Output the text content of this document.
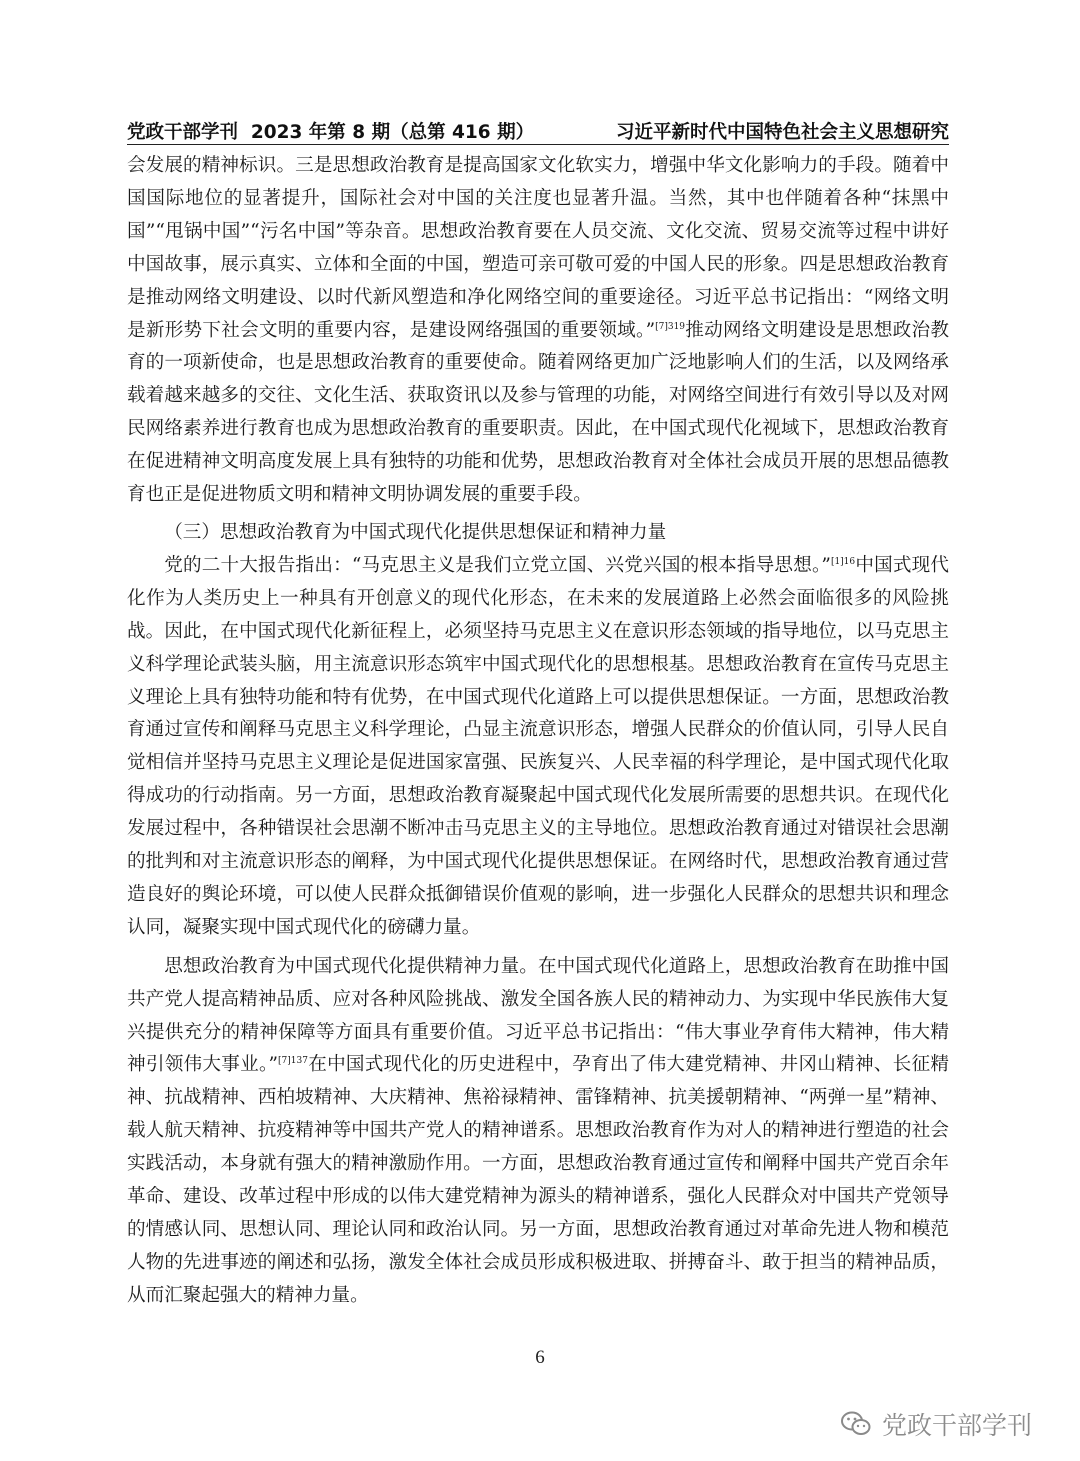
党政干部学刊  2023 年第 8 期（总第 416 期）	习近平新时代中国特色社会主义思想研究

会发展的精神标识。三是思想政治教育是提高国家文化软实力，增强中华文化影响力的手段。随着中国国际地位的显著提升，国际社会对中国的关注度也显著升温。当然，其中也伴随着各种“抹黑中国”“甩锅中国”“污名中国”等杂音。思想政治教育要在人员交流、文化交流、贸易交流等过程中讲好中国故事，展示真实、立体和全面的中国，塑造可亲可敬可爱的中国人民的形象。四是思想政治教育是推动网络文明建设、以时代新风塑造和净化网络空间的重要途径。习近平总书记指出：“网络文明是新形势下社会文明的重要内容，是建设网络强国的重要领域。”$^{[7]319}$推动网络文明建设是思想政治教育的一项新使命，也是思想政治教育的重要使命。随着网络更加广泛地影响人们的生活，以及网络承载着越来越多的交往、文化生活、获取资讯以及参与管理的功能，对网络空间进行有效引导以及对网民网络素养进行教育也成为思想政治教育的重要职责。因此，在中国式现代化视域下，思想政治教育在促进精神文明高度发展上具有独特的功能和优势，思想政治教育对全体社会成员开展的思想品德教育也正是促进物质文明和精神文明协调发展的重要手段。

（三）思想政治教育为中国式现代化提供思想保证和精神力量

党的二十大报告指出：“马克思主义是我们立党立国、兴党兴国的根本指导思想。”$^{[1]16}$中国式现代化作为人类历史上一种具有开创意义的现代化形态，在未来的发展道路上必然会面临很多的风险挑战。因此，在中国式现代化新征程上，必须坚持马克思主义在意识形态领域的指导地位，以马克思主义科学理论武装头脑，用主流意识形态筑牢中国式现代化的思想根基。思想政治教育在宣传马克思主义理论上具有独特功能和特有优势，在中国式现代化道路上可以提供思想保证。一方面，思想政治教育通过宣传和阐释马克思主义科学理论，凸显主流意识形态，增强人民群众的价值认同，引导人民自觉相信并坚持马克思主义理论是促进国家富强、民族复兴、人民幸福的科学理论，是中国式现代化取得成功的行动指南。另一方面，思想政治教育凝聚起中国式现代化发展所需要的思想共识。在现代化发展过程中，各种错误社会思潮不断冲击马克思主义的主导地位。思想政治教育通过对错误社会思潮的批判和对主流意识形态的阐释，为中国式现代化提供思想保证。在网络时代，思想政治教育通过营造良好的舆论环境，可以使人民群众抵御错误价值观的影响，进一步强化人民群众的思想共识和理念认同，凝聚实现中国式现代化的磅礴力量。

思想政治教育为中国式现代化提供精神力量。在中国式现代化道路上，思想政治教育在助推中国共产党人提高精神品质、应对各种风险挑战、激发全国各族人民的精神动力、为实现中华民族伟大复兴提供充分的精神保障等方面具有重要价值。习近平总书记指出：“伟大事业孕育伟大精神，伟大精神引领伟大事业。”$^{[7]137}$在中国式现代化的历史进程中，孕育出了伟大建党精神、井冈山精神、长征精神、抗战精神、西柏坡精神、大庆精神、焦裕禄精神、雷锋精神、抗美援朝精神、“两弹一星”精神、载人航天精神、抗疫精神等中国共产党人的精神谱系。思想政治教育作为对人的精神进行塑造的社会实践活动，本身就有强大的精神激励作用。一方面，思想政治教育通过宣传和阐释中国共产党百余年革命、建设、改革过程中形成的以伟大建党精神为源头的精神谱系，强化人民群众对中国共产党领导的情感认同、思想认同、理论认同和政治认同。另一方面，思想政治教育通过对革命先进人物和模范人物的先进事迹的阐述和弘扬，激发全体社会成员形成积极进取、拼搏奋斗、敢于担当的精神品质，从而汇聚起强大的精神力量。

6
党政干部学刊
